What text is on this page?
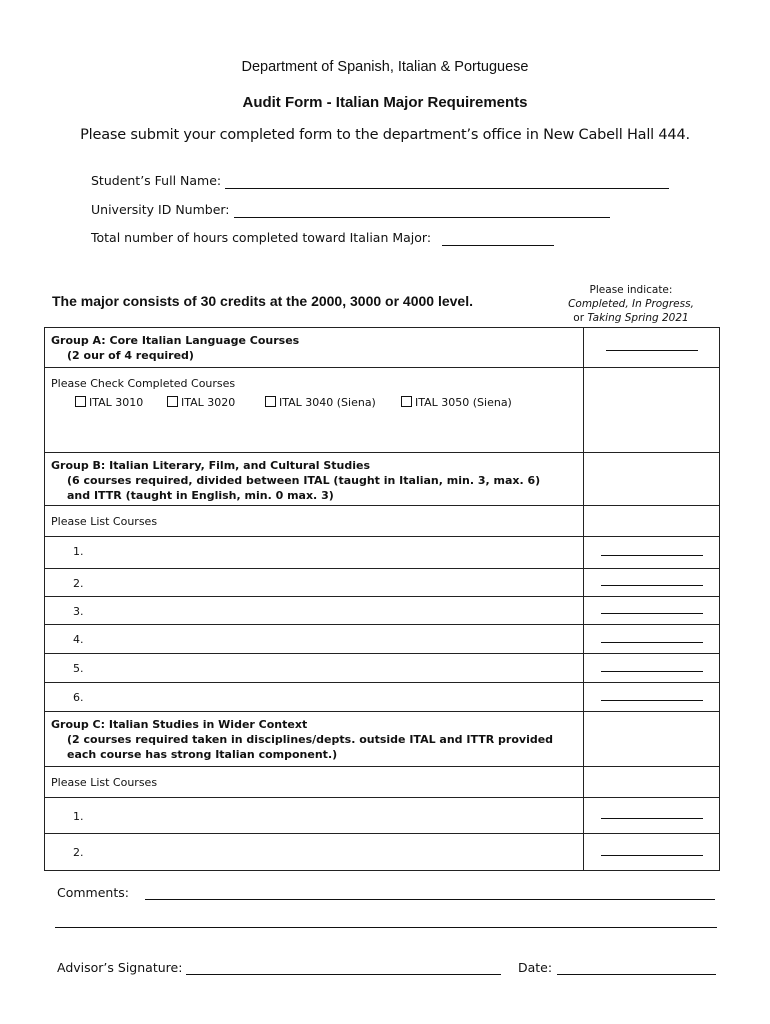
Department of Spanish, Italian & Portuguese
Audit Form - Italian Major Requirements
Please submit your completed form to the department’s office in New Cabell Hall 444.
Student’s Full Name:
University ID Number:
Total number of hours completed toward Italian Major:
The major consists of 30 credits at the 2000, 3000 or 4000 level.
Please indicate:
Completed, In Progress,
or Taking Spring 2021
Group A: Core Italian Language Courses
(2 our of 4 required)	

Please Check Completed Courses
ITAL 3010 ITAL 3020 ITAL 3040 (Siena) ITAL 3050 (Siena)	

Group B: Italian Literary, Film, and Cultural Studies
(6 courses required, divided between ITAL (taught in Italian, min. 3, max. 6)
and ITTR (taught in English, min. 0 max. 3)	

Please List Courses	
1.	
2.	
3.	
4.	
5.	
6.	
Group C: Italian Studies in Wider Context
(2 courses required taken in disciplines/depts. outside ITAL and ITTR provided
each course has strong Italian component.)	

Please List Courses	
1.	
2.	
Comments:
Advisor’s Signature:	Date:
